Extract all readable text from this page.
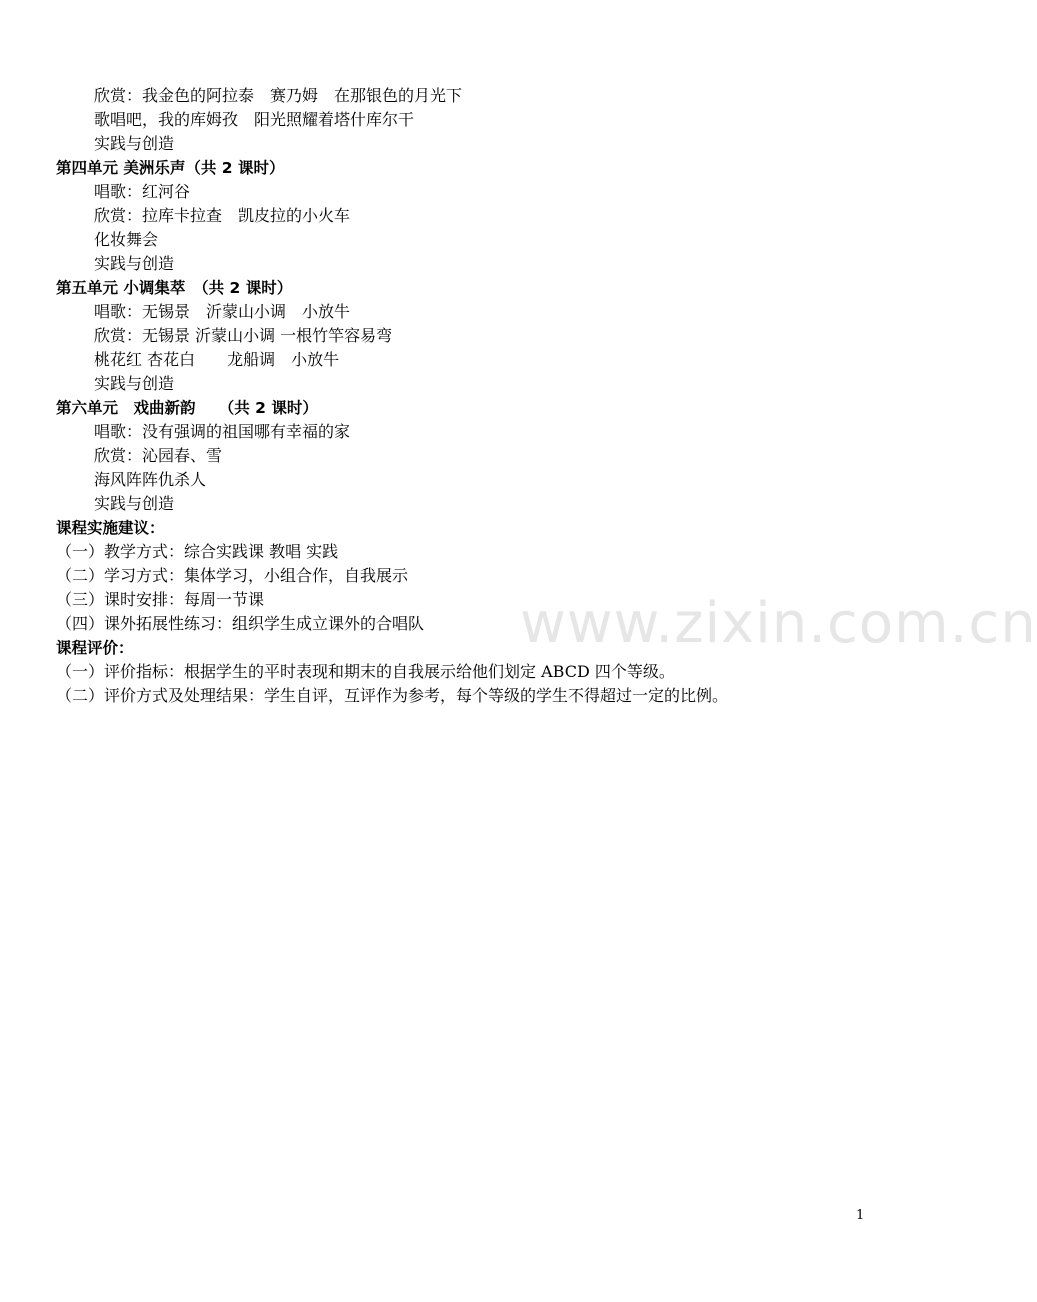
www.zixin.com.cn
欣赏：我金色的阿拉泰　赛乃姆　在那银色的月光下
歌唱吧，我的库姆孜　阳光照耀着塔什库尔干
实践与创造
第四单元 美洲乐声（共 2 课时）
唱歌：红河谷
欣赏：拉库卡拉查　凯皮拉的小火车
化妆舞会
实践与创造
第五单元 小调集萃　（共 2 课时）
唱歌：无锡景　沂蒙山小调　小放牛
欣赏：无锡景 沂蒙山小调 一根竹竿容易弯
桃花红 杏花白　　龙船调　小放牛
实践与创造
第六单元　戏曲新韵　　（共 2 课时）
唱歌：没有强调的祖国哪有幸福的家
欣赏：沁园春、雪
海风阵阵仇杀人
实践与创造
课程实施建议：
（一）教学方式：综合实践课 教唱 实践
（二）学习方式：集体学习，小组合作，自我展示
（三）课时安排：每周一节课
（四）课外拓展性练习：组织学生成立课外的合唱队
课程评价：
（一）评价指标：根据学生的平时表现和期末的自我展示给他们划定 ABCD 四个等级。
（二）评价方式及处理结果：学生自评，互评作为参考，每个等级的学生不得超过一定的比例。
1
